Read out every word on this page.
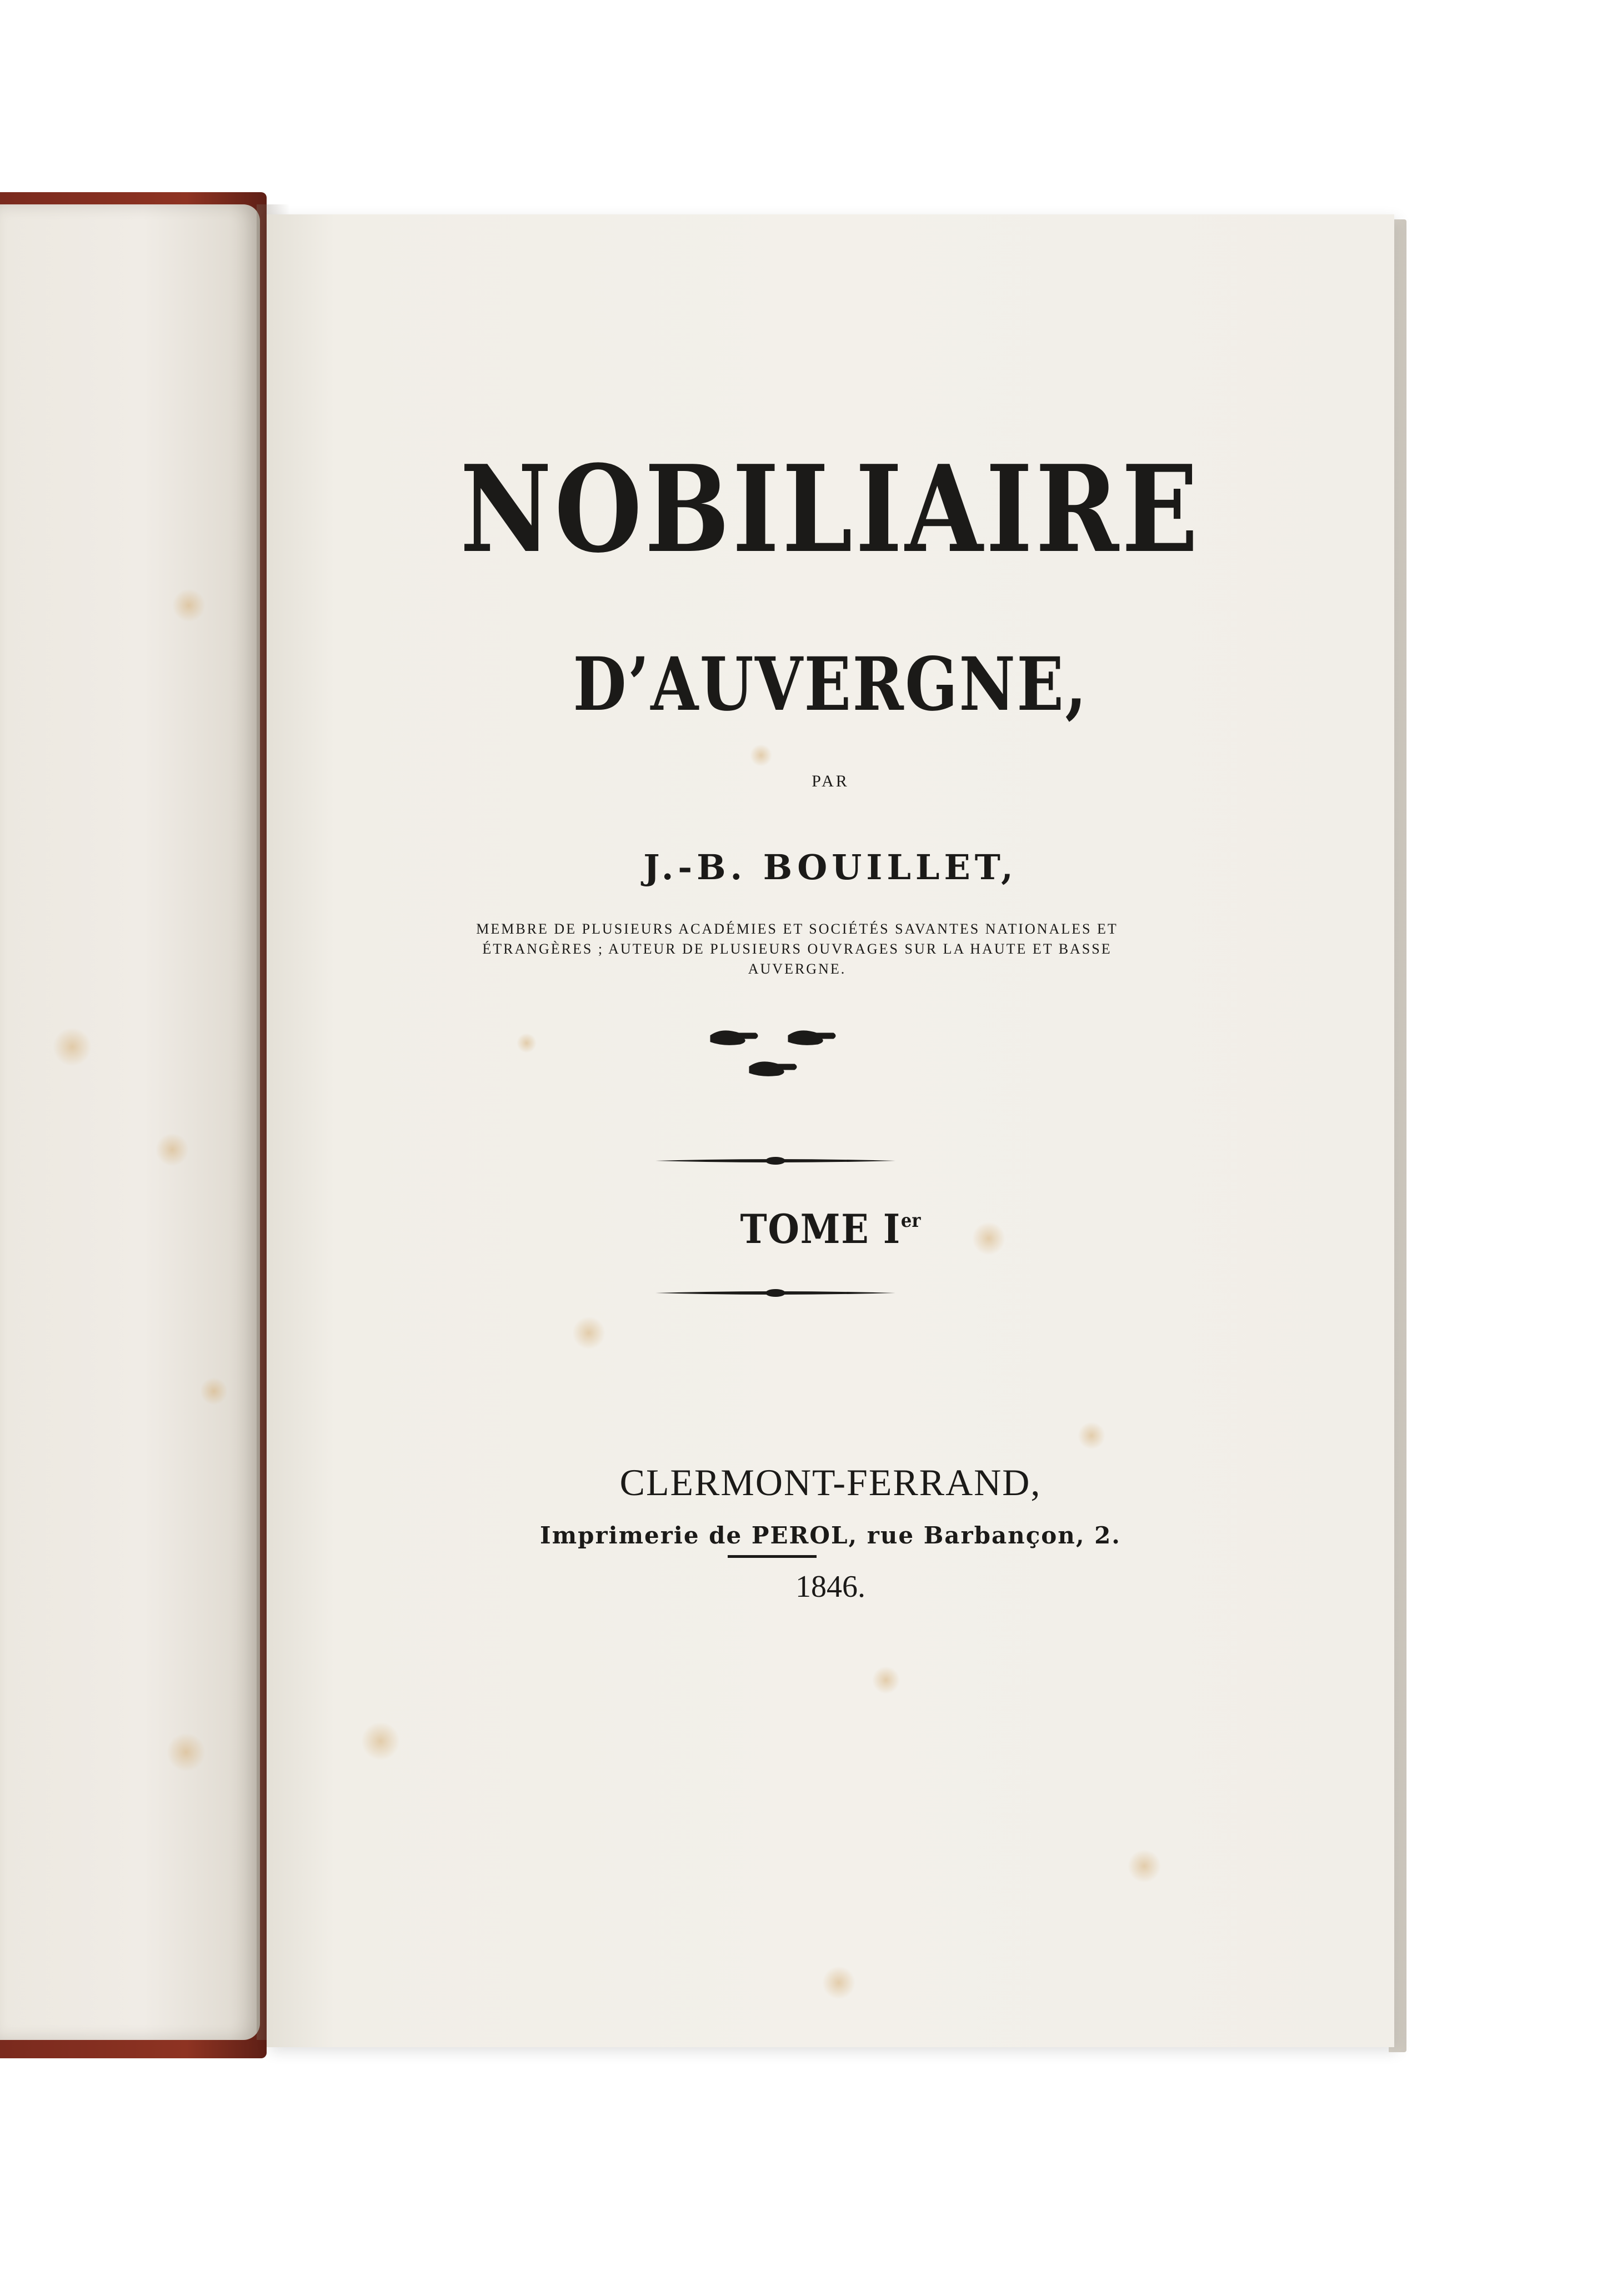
NOBILIAIRE
D’AUVERGNE,
PAR
J.-B. BOUILLET,
MEMBRE DE PLUSIEURS ACADÉMIES ET SOCIÉTÉS SAVANTES NATIONALES ET ÉTRANGÈRES ; AUTEUR DE PLUSIEURS OUVRAGES SUR LA HAUTE ET BASSE AUVERGNE.
TOME Ier
CLERMONT-FERRAND,
Imprimerie de PEROL, rue Barbançon, 2.
1846.
